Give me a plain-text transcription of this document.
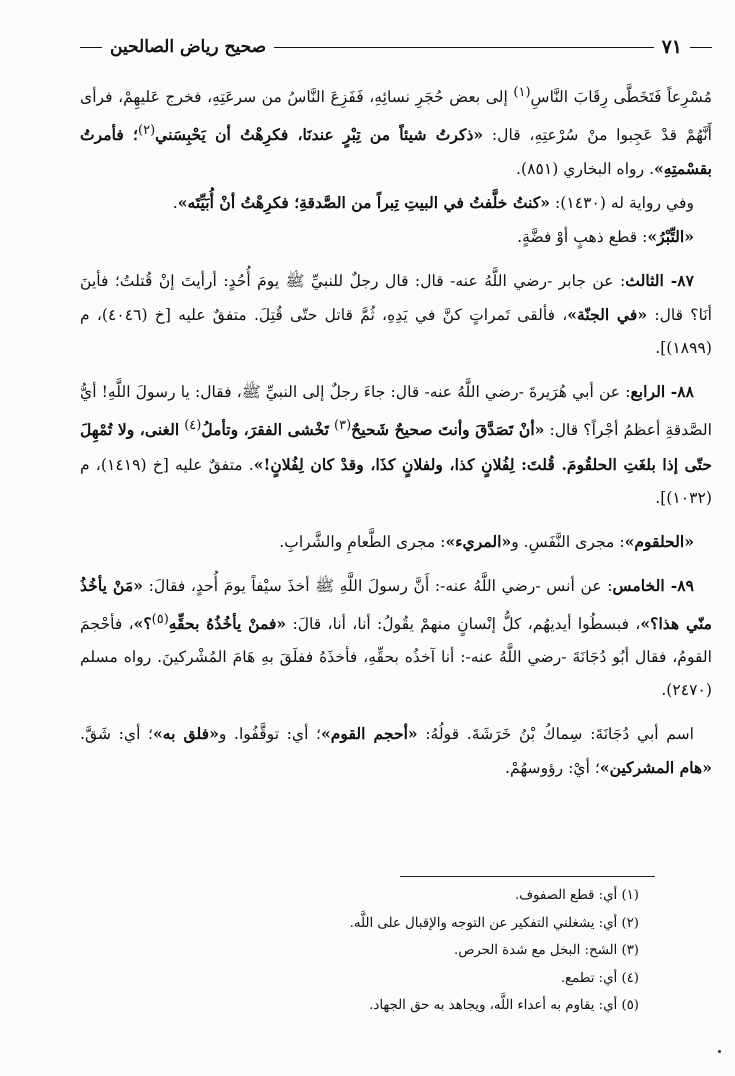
صحيح رياض الصالحين	٧١

مُسْرِعاً فَتَخَطَّى رِقَابَ النَّاسِ$^{(١)}$ إلى بعض حُجَرِ نسائِهِ، فَفَزِعَ النَّاسُ من سرعَتِهِ، فخرج عَليهِمْ، فرأى أَنَّهُمْ قدْ عَجِبوا منْ سُرْعتِهِ، قال: «ذكرتُ شيئاً من تِبْرٍ عندنَا، فكرِهْتُ أن يَحْبِسَني$^{(٢)}$؛ فأمرتُ بقسْمتِهِ». رواه البخاري (٨٥١).

وفي رواية له (١٤٣٠): «كنتُ خلَّفتُ في البيتِ تِبراً من الصَّدقةِ؛ فكرِهْتُ أنْ أُبَيِّتَه».

«التِّبْرُ»: قطع ذهبٍ أوْ فضَّةٍ.

٨٧- الثالث: عن جابر -رضي اللَّهُ عنه- قال: قال رجلٌ للنبيِّ ﷺ يومَ أُحُدٍ: أرأيتَ إنْ قُتلتُ؛ فأينَ أنَا؟ قال: «في الجنّة»، فألقى تَمراتٍ كنَّ في يَدِهِ، ثُمَّ قاتل حتّى قُتِلَ. متفقٌ عليه [خ (٤٠٤٦)، م (١٨٩٩)].

٨٨- الرابع: عن أبي هُرَيرةَ -رضي اللَّهُ عنه- قال: جاءَ رجلٌ إلى النبيِّ ﷺ، فقال: يا رسولَ اللَّهِ! أيُّ الصَّدقةِ أعظمُ أجْراً؟ قال: «أنْ تَصَدَّقَ وأنتَ صحيحٌ شَحيحٌ$^{(٣)}$ تَخْشى الفقرَ، وتأملُ$^{(٤)}$ الغنى، ولا تُمْهِلَ حتّى إذا بلغَتِ الحلقُومَ. قُلتَ: لِفُلانٍ كذا، ولفلانٍ كذَا، وقدْ كان لِفُلانٍ!». متفقٌ عليه [خ (١٤١٩)، م (١٠٣٢)].

«الحلقوم»: مجرى النَّفَسِ. و«المريء»: مجرى الطَّعامِ والشَّرابِ.

٨٩- الخامس: عن أنس -رضي اللَّهُ عنه-: أَنَّ رسولَ اللَّهِ ﷺ أخذَ سيْفاً يومَ أُحدٍ، فقالَ: «مَنْ يأخُذُ منّي هذا؟»، فبسطُوا أيديهُم، كلُّ إنْسانٍ منهمْ يقُولُ: أنا، أنا، قالَ: «فمنْ يأخُذُهُ بحقِّهِ$^{(٥)}$؟»، فأحْجمَ القومُ، فقال أبُو دُجَانَةَ -رضي اللَّهُ عنه-: أنا آخذُه بحقِّهِ، فأخذَهُ ففلَقَ بهِ هَامَ المُشْركينَ. رواه مسلم (٢٤٧٠).

اسم أبي دُجَانَةَ: سِماكُ بْنُ خَرَشَةَ. قولُهُ: «أحجم القوم»؛ أي: توقَّفُوا. و«فلق به»؛ أي: شَقَّ. «هام المشركين»؛ أيْ: رؤوسهُمْ.

(١) أي: قطع الصفوف.
(٢) أي: يشغلني التفكير عن التوجه والإقبال على اللَّه.
(٣) الشح: البخل مع شدة الحرص.
(٤) أي: تطمع.
(٥) أي: يقاوم به أعداء اللَّه، ويجاهد به حق الجهاد.
